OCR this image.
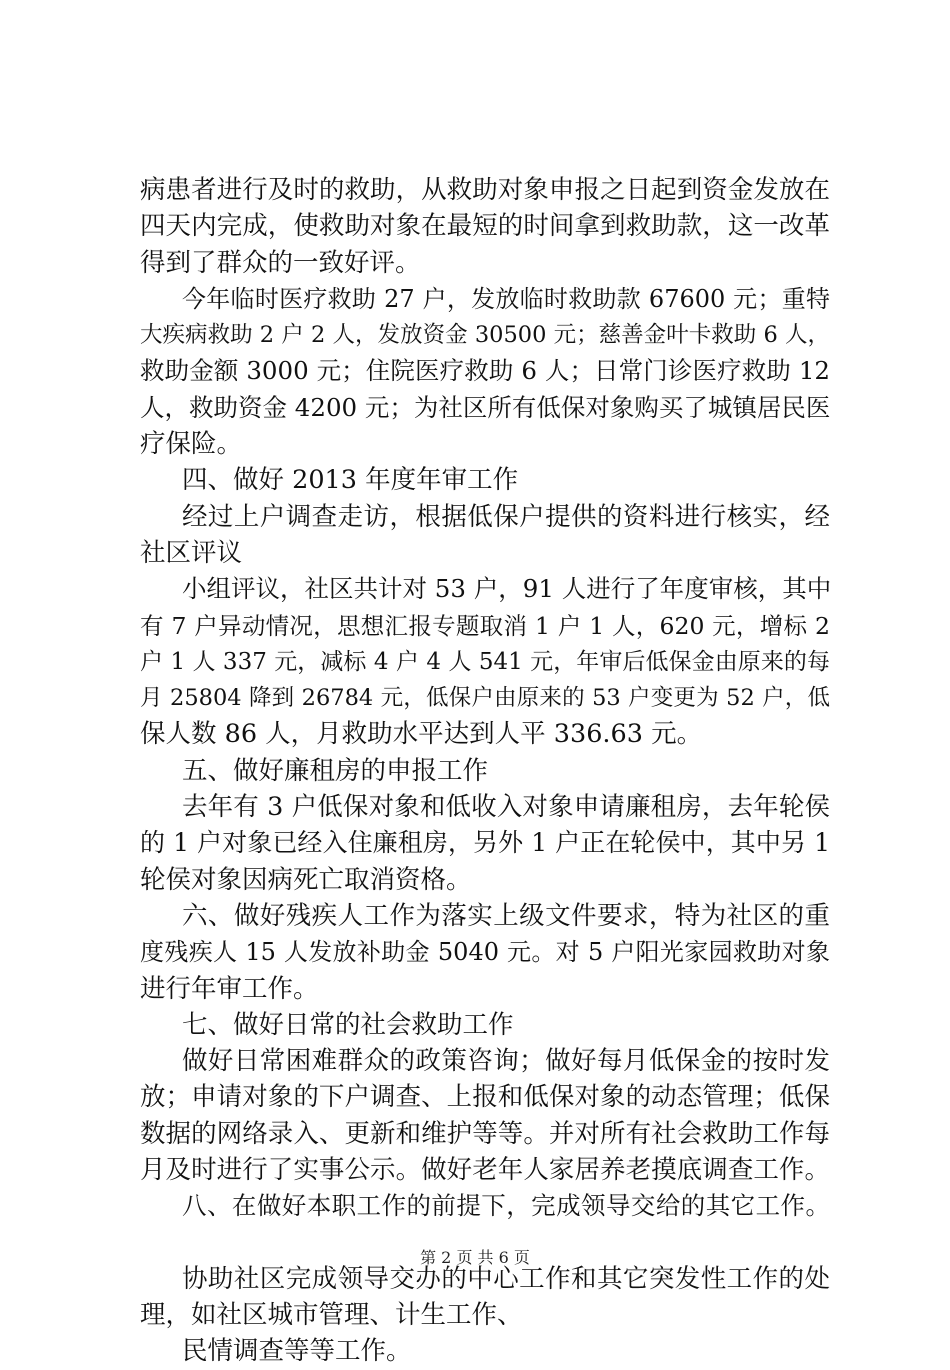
病患者进行及时的救助，从救助对象申报之日起到资金发放在
四天内完成，使救助对象在最短的时间拿到救助款，这一改革
得到了群众的一致好评。
今年临时医疗救助 27 户，发放临时救助款 67600 元；重特
大疾病救助 2 户 2 人，发放资金 30500 元；慈善金叶卡救助 6 人，
救助金额 3000 元；住院医疗救助 6 人；日常门诊医疗救助 12
人，救助资金 4200 元；为社区所有低保对象购买了城镇居民医
疗保险。
四、做好 2013 年度年审工作
经过上户调查走访，根据低保户提供的资料进行核实，经
社区评议
小组评议，社区共计对 53 户，91 人进行了年度审核，其中
有 7 户异动情况，思想汇报专题取消 1 户 1 人，620 元，增标 2
户 1 人 337 元，减标 4 户 4 人 541 元，年审后低保金由原来的每
月 25804 降到 26784 元，低保户由原来的 53 户变更为 52 户，低
保人数 86 人，月救助水平达到人平 336.63 元。
五、做好廉租房的申报工作
去年有 3 户低保对象和低收入对象申请廉租房，去年轮侯
的 1 户对象已经入住廉租房，另外 1 户正在轮侯中，其中另 1
轮侯对象因病死亡取消资格。
六、做好残疾人工作为落实上级文件要求，特为社区的重
度残疾人 15 人发放补助金 5040 元。对 5 户阳光家园救助对象
进行年审工作。
七、做好日常的社会救助工作
做好日常困难群众的政策咨询；做好每月低保金的按时发
放；申请对象的下户调查、上报和低保对象的动态管理；低保
数据的网络录入、更新和维护等等。并对所有社会救助工作每
月及时进行了实事公示。做好老年人家居养老摸底调查工作。
八、在做好本职工作的前提下，完成领导交给的其它工作。
协助社区完成领导交办的中心工作和其它突发性工作的处
理，如社区城市管理、计生工作、
民情调查等等工作。
第 2 页 共 6 页
